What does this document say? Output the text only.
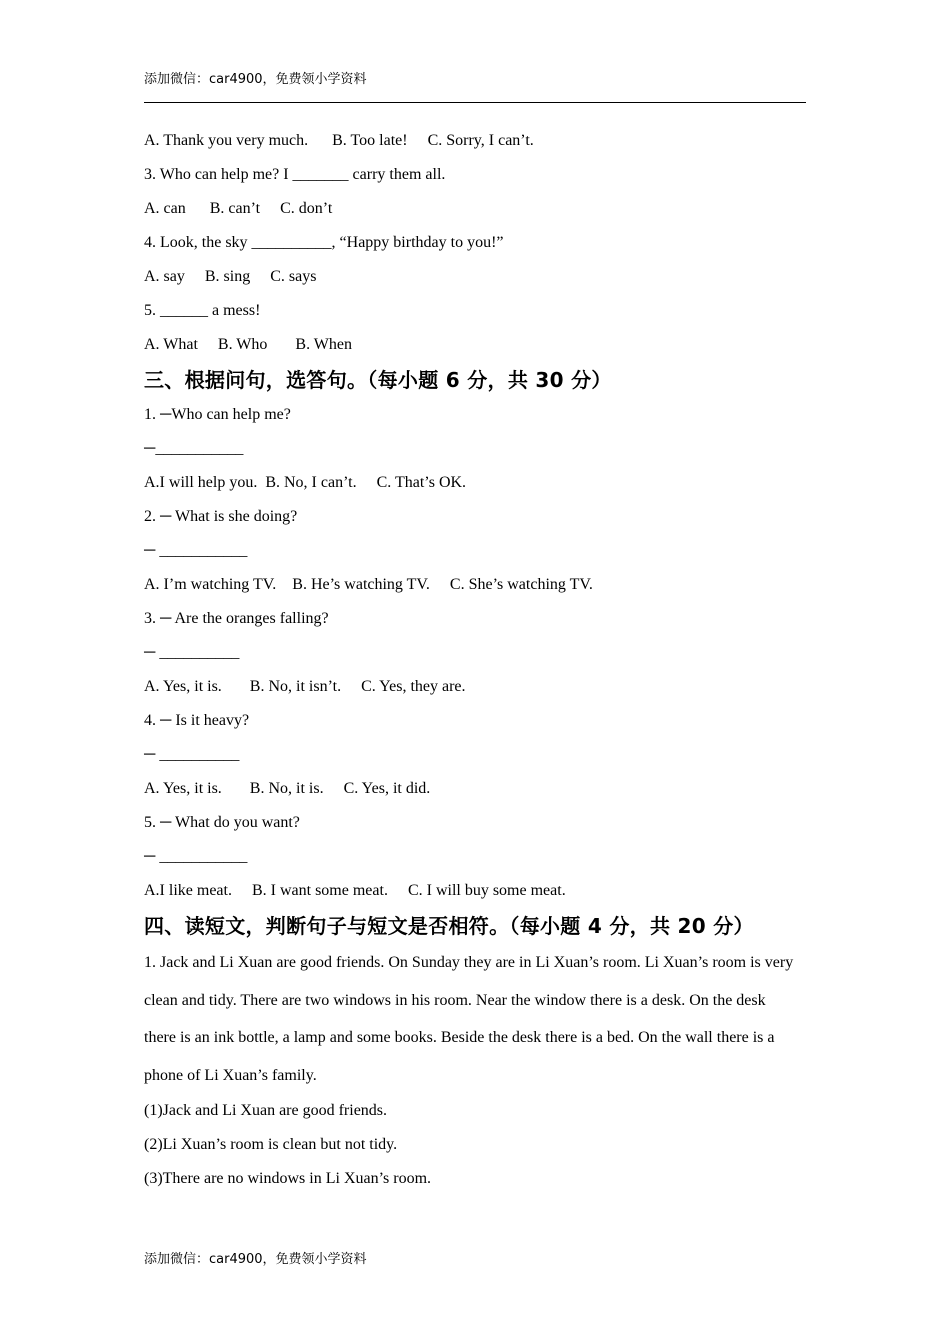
添加微信：car4900，免费领小学资料
A. Thank you very much.      B. Too late!     C. Sorry, I can’t.
3. Who can help me? I _______ carry them all.
A. can      B. can’t     C. don’t
4. Look, the sky __________, “Happy birthday to you!”
A. say     B. sing     C. says
5. ______ a mess!
A. What     B. Who       B. When
三、根据问句，选答句。（每小题 6 分，共 30 分）
1. ─Who can help me?
─___________
A.I will help you.  B. No, I can’t.     C. That’s OK.
2. ─ What is she doing?
─ ___________
A. I’m watching TV.    B. He’s watching TV.     C. She’s watching TV.
3. ─ Are the oranges falling?
─ __________
A. Yes, it is.       B. No, it isn’t.     C. Yes, they are.
4. ─ Is it heavy?
─ __________
A. Yes, it is.       B. No, it is.     C. Yes, it did.
5. ─ What do you want?
─ ___________
A.I like meat.     B. I want some meat.     C. I will buy some meat.
四、读短文，判断句子与短文是否相符。（每小题 4 分，共 20 分）
1. Jack and Li Xuan are good friends. On Sunday they are in Li Xuan’s room. Li Xuan’s room is very clean and tidy. There are two windows in his room. Near the window there is a desk. On the desk there is an ink bottle, a lamp and some books. Beside the desk there is a bed. On the wall there is a phone of Li Xuan’s family.
(1)Jack and Li Xuan are good friends.
(2)Li Xuan’s room is clean but not tidy.
(3)There are no windows in Li Xuan’s room.
添加微信：car4900，免费领小学资料
